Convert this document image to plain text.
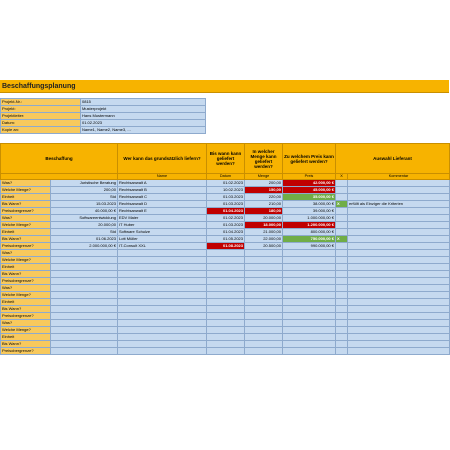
Beschaffungsplanung
Projekt-Nr.:	0815
Projekt:	Musterprojekt
Projektleiter:	Hans Mustermann
Datum:	01.02.2023
Kopie an:	Name1, Name2, Name3, ...
Beschaffung		Wer kann das grundsätzlich liefern?	Bis wann kann geliefert werden?	In welcher Menge kann geliefert werden?	Zu welchem Preis kann geliefert werden?	Auswahl Lieferant	
		Name	Datum	Menge	Preis	X	Kommentar
Was?	Juristische Beratung	Rechtsanwalt A	01.02.2023	200,00	42.000,00 €		
Welche Menge?	200,00	Rechtsanwalt B	10.02.2023	150,00	45.000,00 €		
Einheit	Std	Rechtsanwalt C	01.03.2023	220,00	35.000,00 €		
Bis Wann?	15.03.2023	Rechtsanwalt D	01.03.2023	210,00	38.000,00 €	X	erfüllt als Einziger die Kriterien
Preisobergrenze?	40.000,00 €	Rechtsanwalt E	01.04.2023	180,00	39.000,00 €		
Was?	Softwareentwicklung	EDV Maier	01.02.2023	20.000,00	1.000.000,00 €		
Welche Menge?	20.000,00	IT Huber	01.03.2023	18.000,00	1.200.000,00 €		
Einheit	Std	Software Schulze	01.04.2023	21.000,00	800.000,00 €		
Bis Wann?	01.06.2023	Lott Müller	01.05.2023	22.000,00	750.000,00 €	X	
Preisobergrenze?	2.000.000,00 €	IT-Consult XXL	01.08.2023	20.500,00	990.000,00 €		
Was?							
Welche Menge?							
Einheit							
Bis Wann?							
Preisobergrenze?							
Was?							
Welche Menge?							
Einheit							
Bis Wann?							
Preisobergrenze?							
Was?							
Welche Menge?							
Einheit							
Bis Wann?							
Preisobergrenze?							
